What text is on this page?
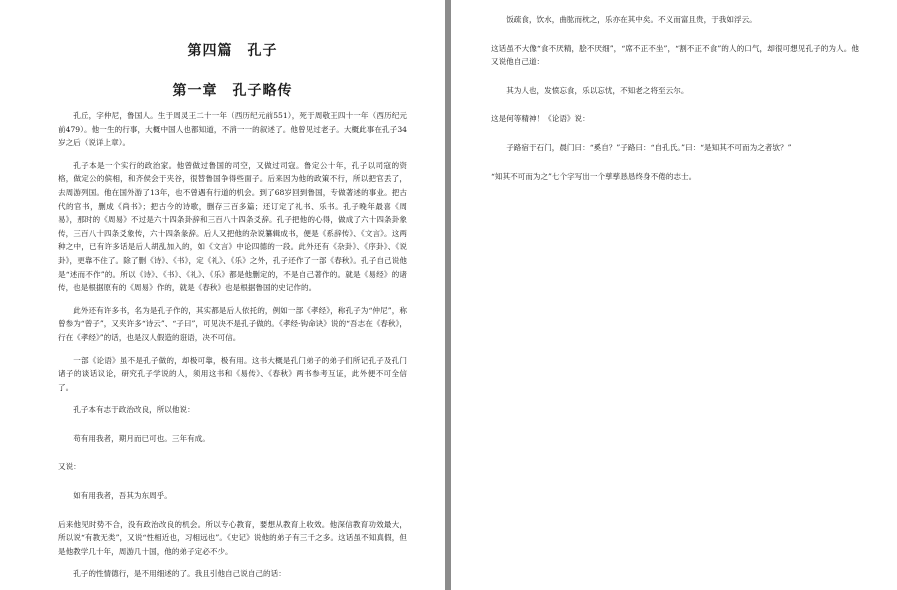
第四篇　孔子
第一章　孔子略传

孔丘，字仲尼，鲁国人。生于周灵王二十一年（西历纪元前551），死于周敬王四十一年（西历纪元前479）。他一生的行事，大概中国人也都知道，不消一一的叙述了。他曾见过老子。大概此事在孔子34岁之后（说详上章）。

孔子本是一个实行的政治家。他曾做过鲁国的司空，又做过司寇。鲁定公十年，孔子以司寇的资格，做定公的傧相，和齐侯会于夹谷，很替鲁国争得些面子。后来因为他的政策不行，所以把官丢了，去周游列国。他在国外游了13年，也不曾遇有行道的机会。到了68岁回到鲁国，专做著述的事业。把古代的官书，删成《尚书》；把古今的诗歌，删存三百多篇；还订定了礼书、乐书。孔子晚年最喜《周易》，那时的《周易》不过是六十四条卦辞和三百八十四条爻辞。孔子把他的心得，做成了六十四条卦象传，三百八十四条爻象传，六十四条彖辞。后人又把他的杂说纂辑成书，便是《系辞传》、《文言》。这两种之中，已有许多话是后人胡乱加入的，如《文言》中论四德的一段。此外还有《杂卦》、《序卦》、《说卦》，更靠不住了。除了删《诗》、《书》，定《礼》、《乐》之外，孔子还作了一部《春秋》。孔子自己说他是“述而不作”的。所以《诗》、《书》、《礼》、《乐》都是他删定的，不是自己著作的。就是《易经》的诸传，也是根据原有的《周易》作的，就是《春秋》也是根据鲁国的史记作的。

此外还有许多书，名为是孔子作的，其实都是后人依托的，例如一部《孝经》，称孔子为“仲尼”，称曾参为“曾子”，又夹许多“诗云”、“子曰”，可见决不是孔子做的。《孝经·钩命诀》说的“吾志在《春秋》，行在《孝经》”的话，也是汉人假造的诳语，决不可信。

一部《论语》虽不是孔子做的，却极可靠，极有用。这书大概是孔门弟子的弟子们所记孔子及孔门诸子的谈话议论，研究孔子学说的人，须用这书和《易传》、《春秋》两书参考互证，此外便不可全信了。

孔子本有志于政治改良，所以他说：

苟有用我者，期月而已可也。三年有成。

又说：

如有用我者，吾其为东周乎。

后来他见时势不合，没有政治改良的机会。所以专心教育，要想从教育上收效。他深信教育功效最大，所以说“有教无类”，又说“性相近也，习相远也”。《史记》说他的弟子有三千之多。这话虽不知真假，但是他教学几十年，周游几十国，他的弟子定必不少。

孔子的性情德行，是不用细述的了。我且引他自己说自己的话：

饭疏食，饮水，曲肱而枕之，乐亦在其中矣。不义而富且贵，于我如浮云。

这话虽不大像“食不厌精，脍不厌细”，“席不正不坐”，“割不正不食”的人的口气，却很可想见孔子的为人。他又说他自己道：

其为人也，发愤忘食，乐以忘忧，不知老之将至云尔。

这是何等精神！《论语》说：

子路宿于石门，晨门曰：“奚自？”子路曰：“自孔氏。”曰：“是知其不可而为之者欤？”

“知其不可而为之”七个字写出一个孳孳恳恳终身不倦的志士。
